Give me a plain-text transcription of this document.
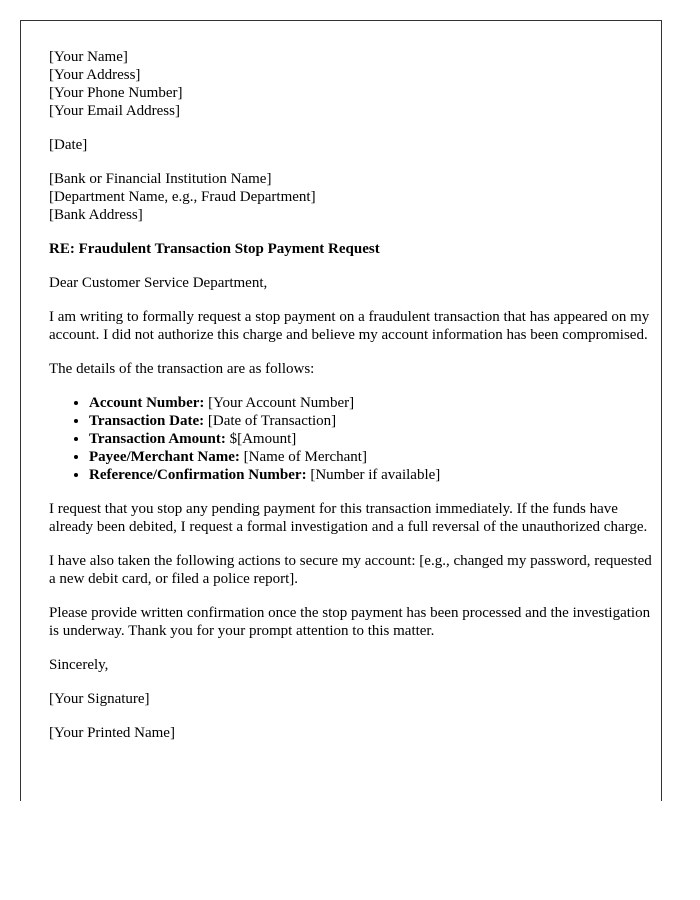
[Your Name]
[Your Address]
[Your Phone Number]
[Your Email Address]

[Date]

[Bank or Financial Institution Name]
[Department Name, e.g., Fraud Department]
[Bank Address]

RE: Fraudulent Transaction Stop Payment Request

Dear Customer Service Department,

I am writing to formally request a stop payment on a fraudulent transaction that has appeared on my account. I did not authorize this charge and believe my account information has been compromised.

The details of the transaction are as follows:

• Account Number: [Your Account Number]
• Transaction Date: [Date of Transaction]
• Transaction Amount: $[Amount]
• Payee/Merchant Name: [Name of Merchant]
• Reference/Confirmation Number: [Number if available]

I request that you stop any pending payment for this transaction immediately. If the funds have already been debited, I request a formal investigation and a full reversal of the unauthorized charge.

I have also taken the following actions to secure my account: [e.g., changed my password, requested a new debit card, or filed a police report].

Please provide written confirmation once the stop payment has been processed and the investigation is underway. Thank you for your prompt attention to this matter.

Sincerely,

[Your Signature]

[Your Printed Name]
